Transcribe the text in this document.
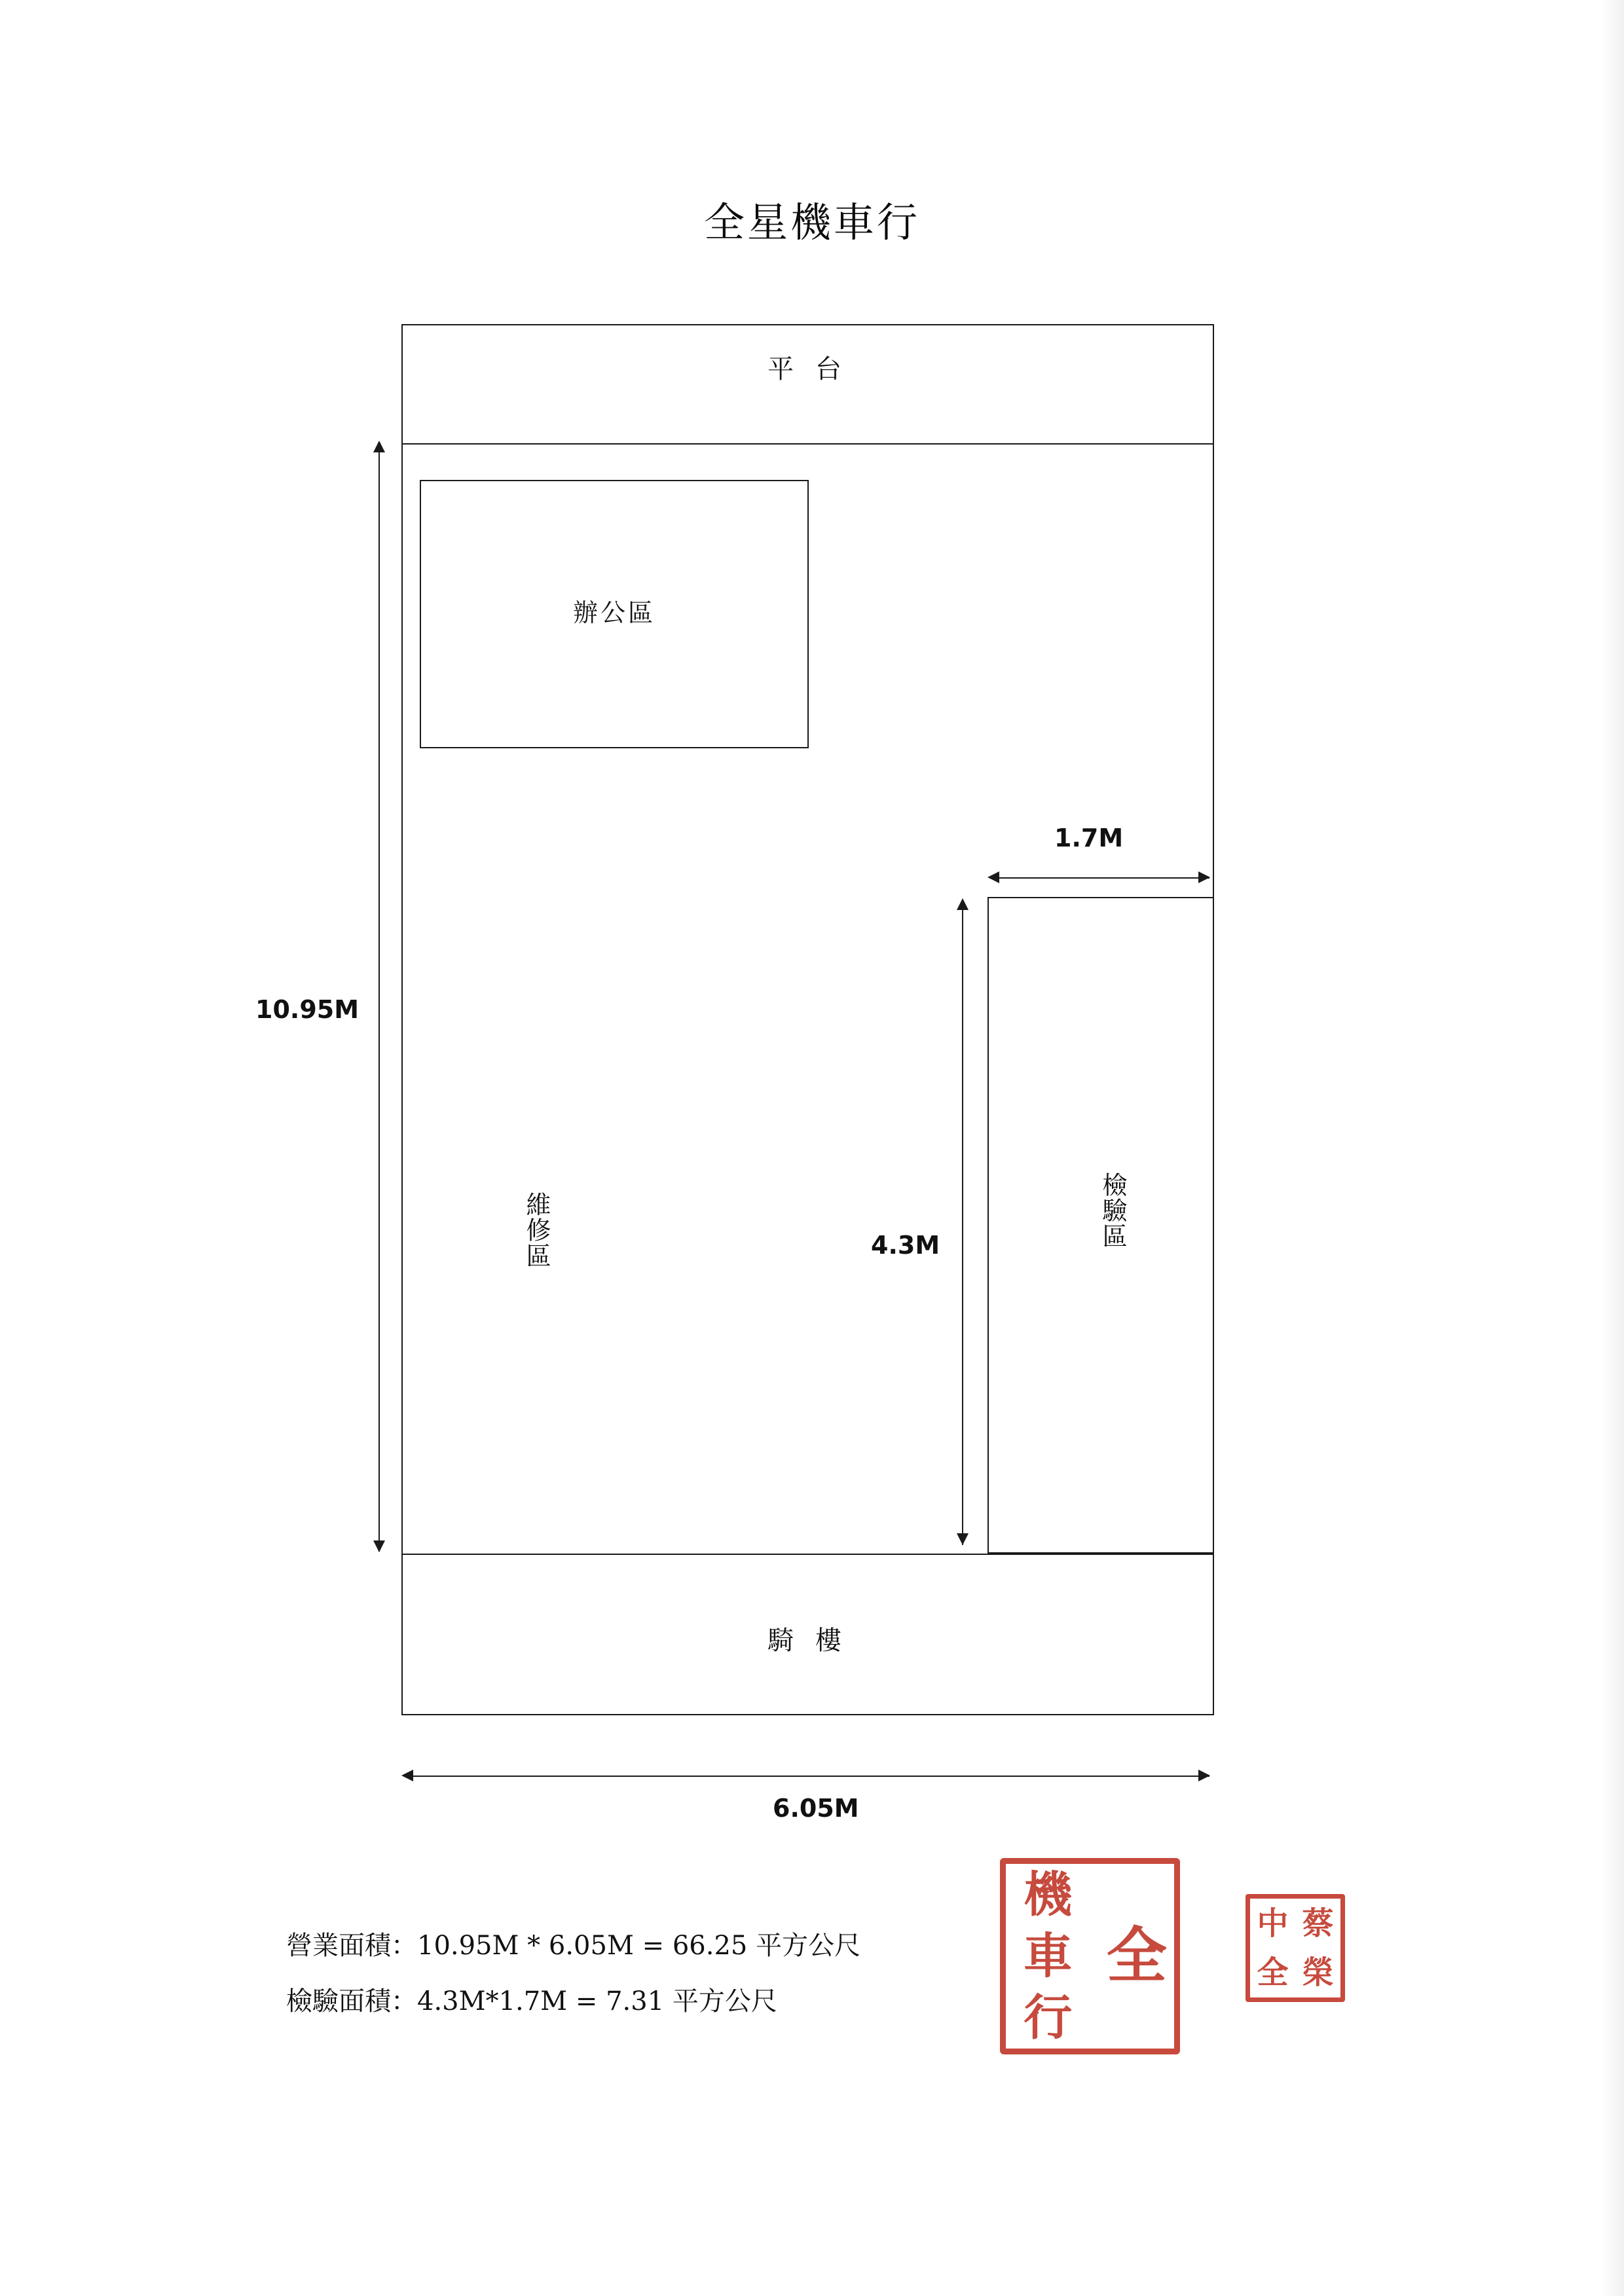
全星機車行
平 台
辦公區
維修區	檢驗區
騎 樓
10.95M
6.05M
1.7M
4.3M
營業面積：10.95M * 6.05M = 66.25 平方公尺
檢驗面積：4.3M*1.7M = 7.31 平方公尺
機
全
車
行
中 蔡
全 榮
